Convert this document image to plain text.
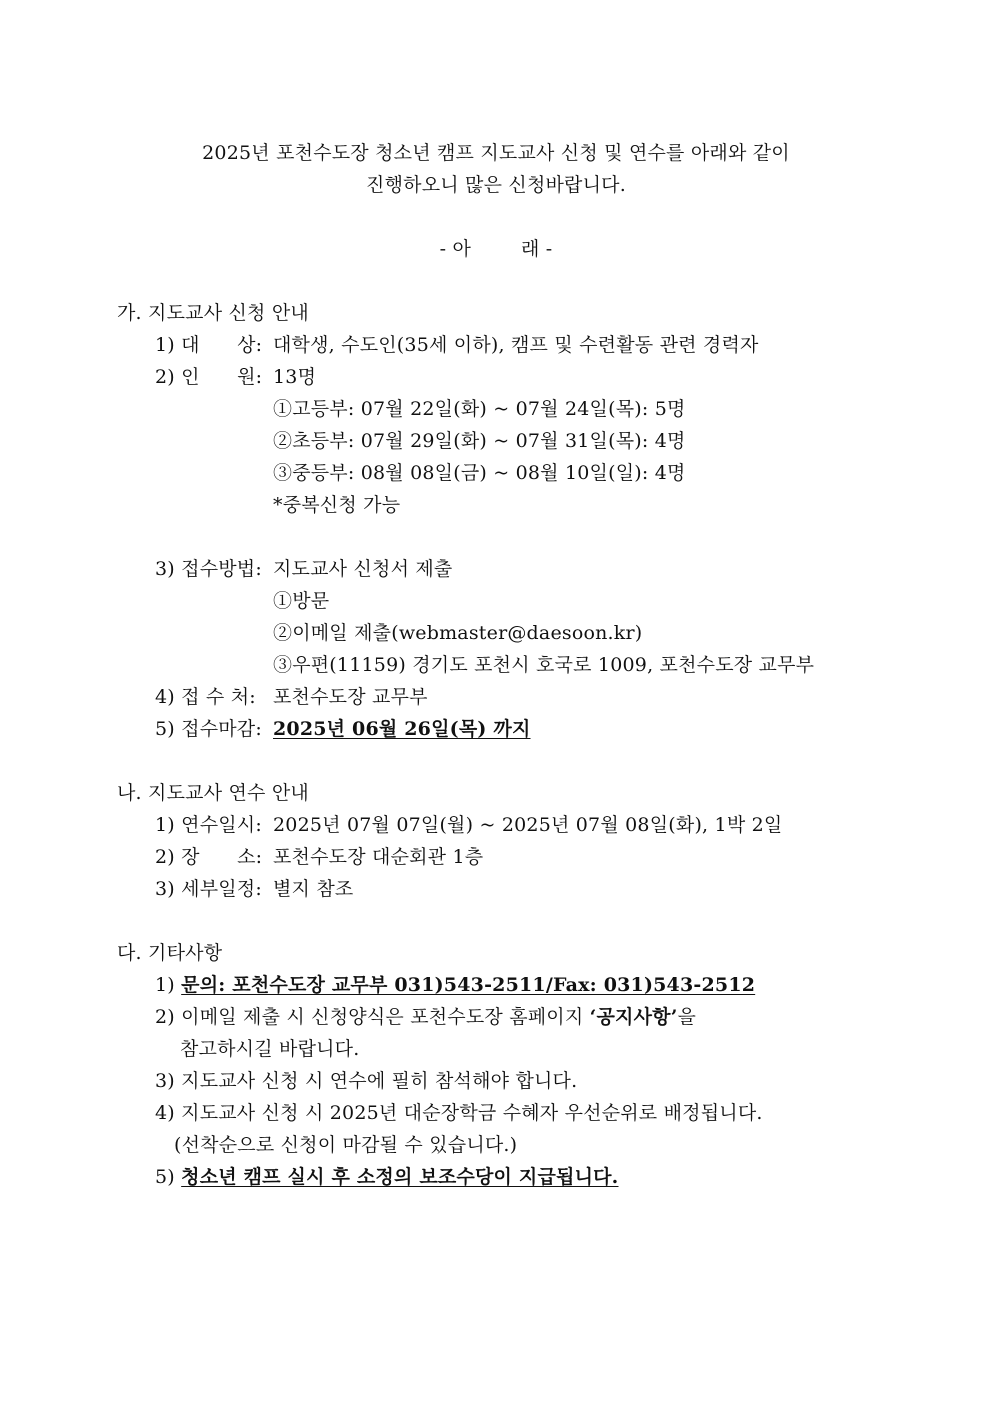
2025년 포천수도장 청소년 캠프 지도교사 신청 및 연수를 아래와 같이
진행하오니 많은 신청바랍니다.
- 아        래 -
가. 지도교사 신청 안내
1) 대      상: 대학생, 수도인(35세 이하), 캠프 및 수련활동 관련 경력자
2) 인      원: 13명
①고등부: 07월 22일(화) ~ 07월 24일(목): 5명
②초등부: 07월 29일(화) ~ 07월 31일(목): 4명
③중등부: 08월 08일(금) ~ 08월 10일(일): 4명
*중복신청 가능
3) 접수방법: 지도교사 신청서 제출
①방문
②이메일 제출(webmaster@daesoon.kr)
③우편(11159) 경기도 포천시 호국로 1009, 포천수도장 교무부
4) 접 수 처: 포천수도장 교무부
5) 접수마감: 2025년 06월 26일(목) 까지
나. 지도교사 연수 안내
1) 연수일시: 2025년 07월 07일(월) ~ 2025년 07월 08일(화), 1박 2일
2) 장      소: 포천수도장 대순회관 1층
3) 세부일정: 별지 참조
다. 기타사항
1) 문의: 포천수도장 교무부 031)543-2511/Fax: 031)543-2512
2) 이메일 제출 시 신청양식은 포천수도장 홈페이지 ‘공지사항’을
참고하시길 바랍니다.
3) 지도교사 신청 시 연수에 필히 참석해야 합니다.
4) 지도교사 신청 시 2025년 대순장학금 수혜자 우선순위로 배정됩니다.
(선착순으로 신청이 마감될 수 있습니다.)
5) 청소년 캠프 실시 후 소정의 보조수당이 지급됩니다.
